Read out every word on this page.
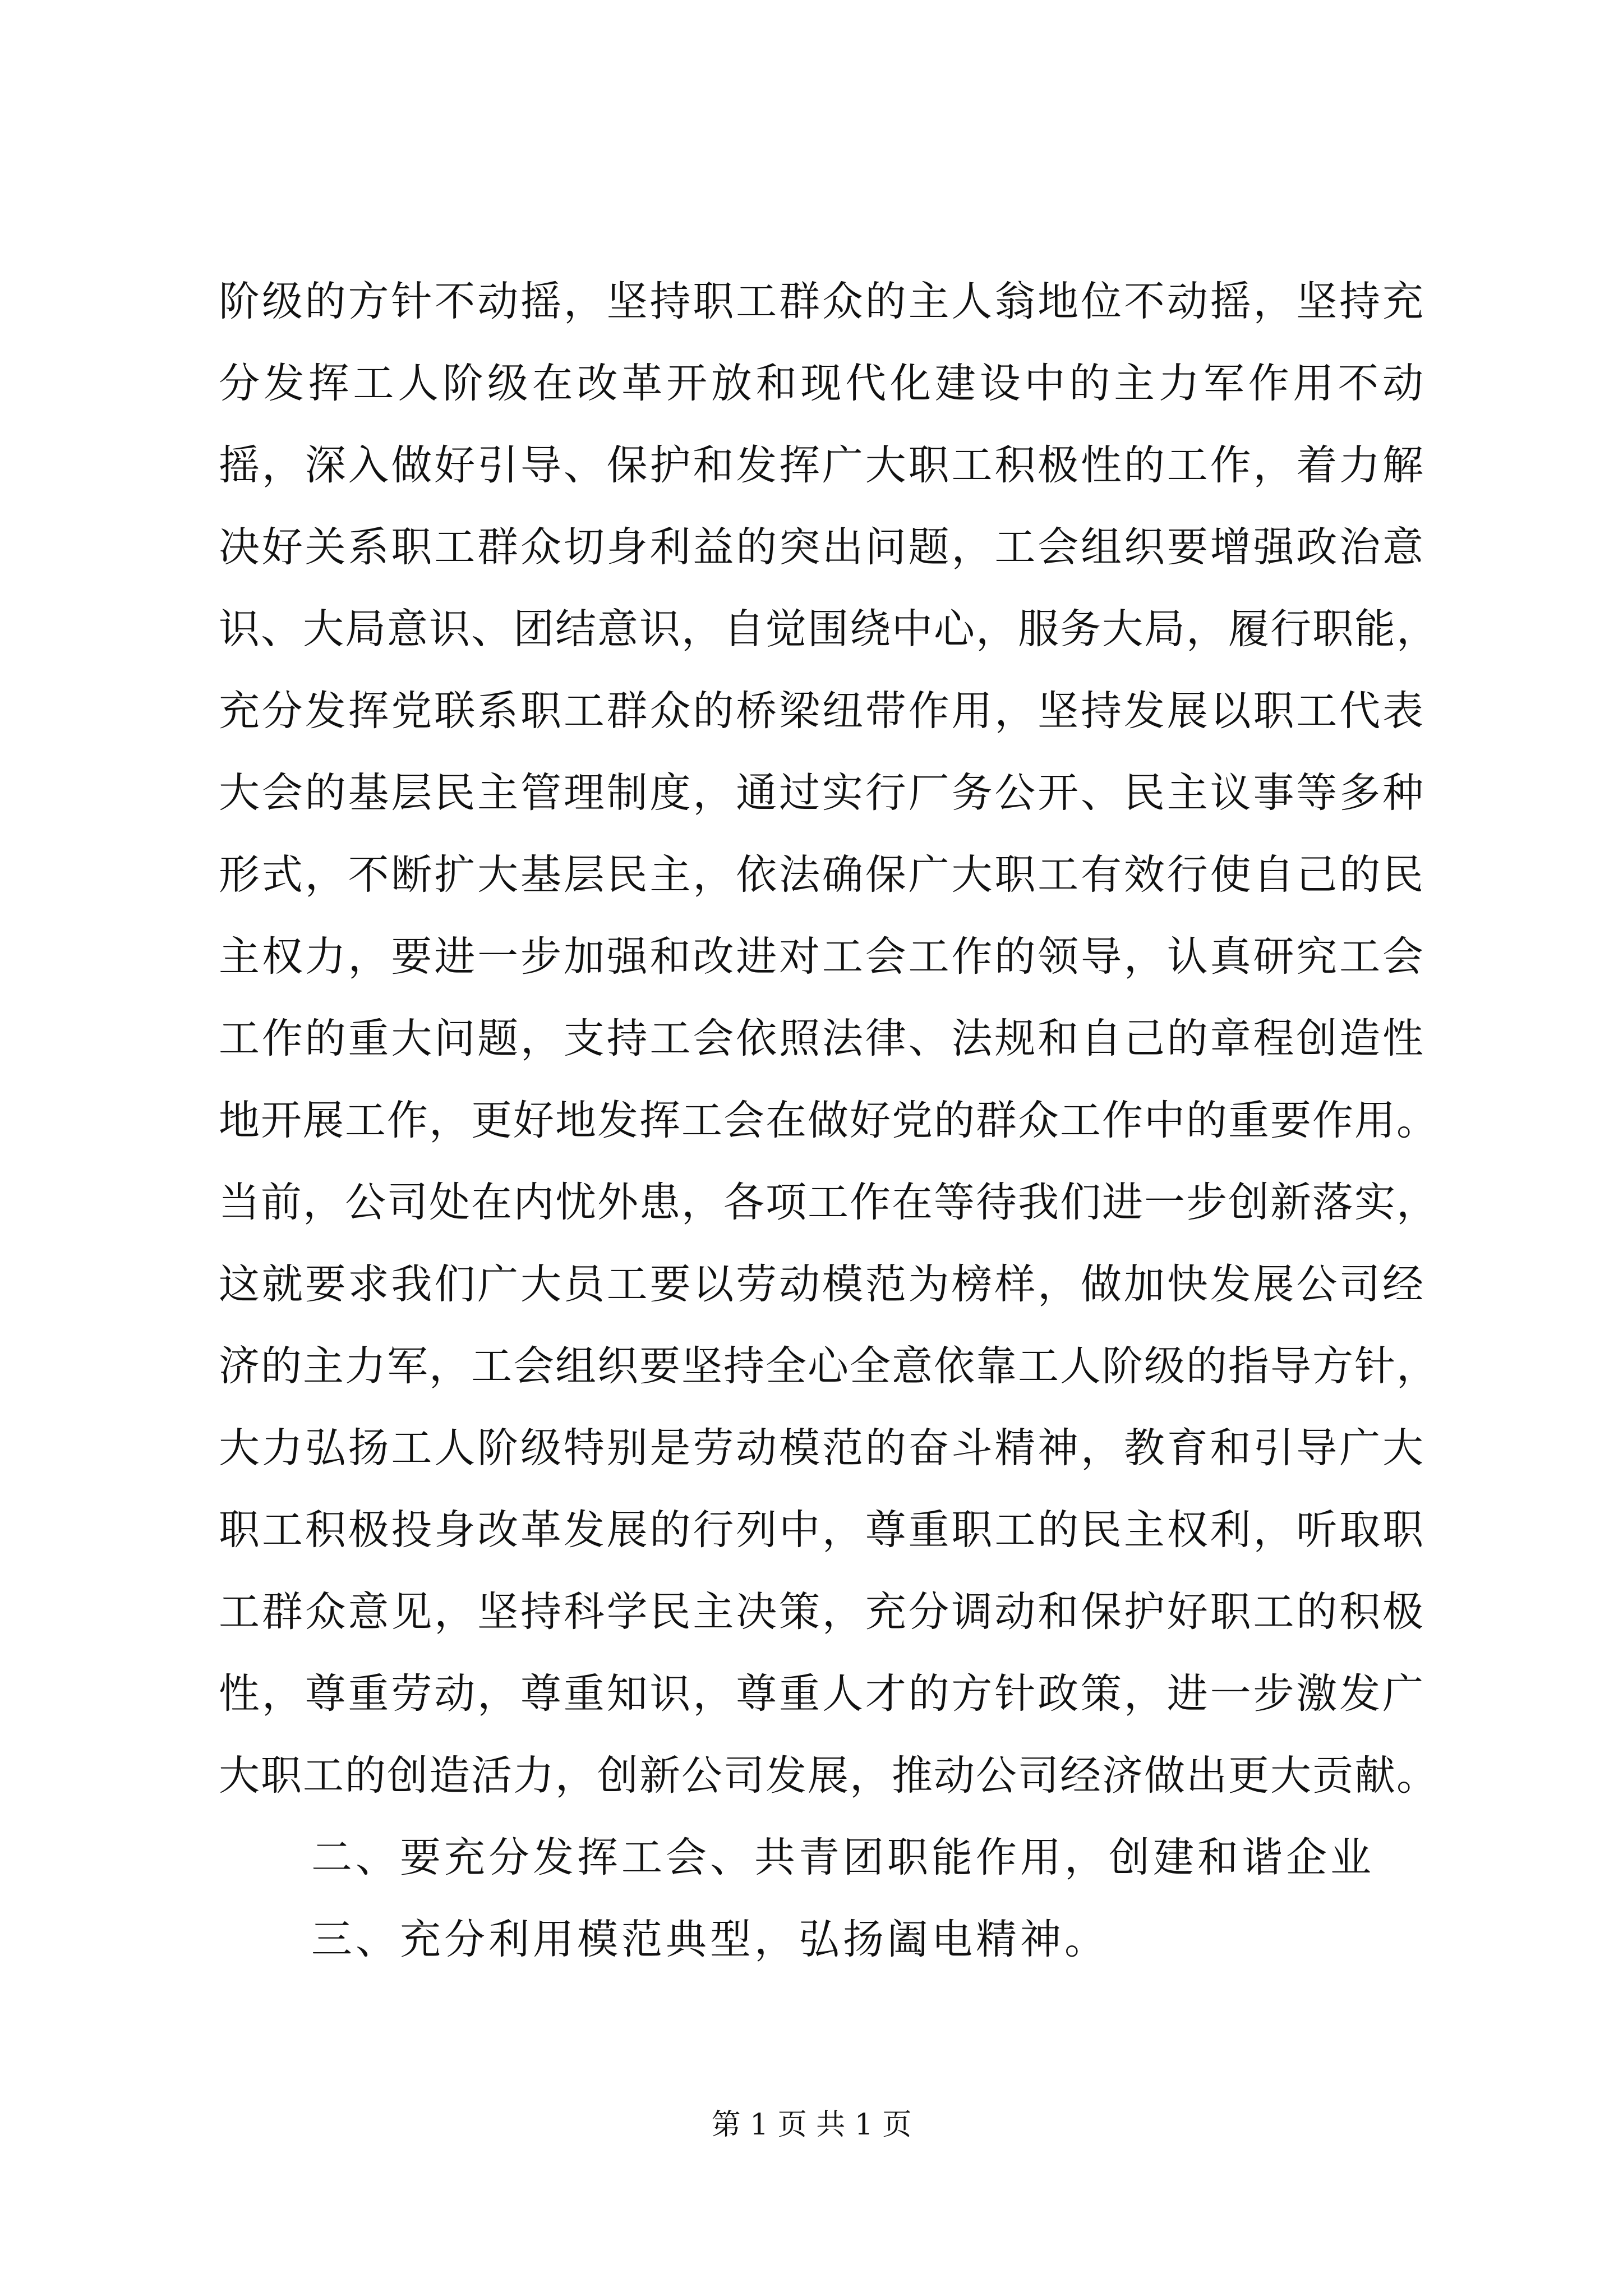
阶级的方针不动摇，坚持职工群众的主人翁地位不动摇，坚持充
分发挥工人阶级在改革开放和现代化建设中的主力军作用不动
摇，深入做好引导、保护和发挥广大职工积极性的工作，着力解
决好关系职工群众切身利益的突出问题，工会组织要增强政治意
识、大局意识、团结意识，自觉围绕中心，服务大局，履行职能，
充分发挥党联系职工群众的桥梁纽带作用，坚持发展以职工代表
大会的基层民主管理制度，通过实行厂务公开、民主议事等多种
形式，不断扩大基层民主，依法确保广大职工有效行使自己的民
主权力，要进一步加强和改进对工会工作的领导，认真研究工会
工作的重大问题，支持工会依照法律、法规和自己的章程创造性
地开展工作，更好地发挥工会在做好党的群众工作中的重要作用。
当前，公司处在内忧外患，各项工作在等待我们进一步创新落实，
这就要求我们广大员工要以劳动模范为榜样，做加快发展公司经
济的主力军，工会组织要坚持全心全意依靠工人阶级的指导方针，
大力弘扬工人阶级特别是劳动模范的奋斗精神，教育和引导广大
职工积极投身改革发展的行列中，尊重职工的民主权利，听取职
工群众意见，坚持科学民主决策，充分调动和保护好职工的积极
性，尊重劳动，尊重知识，尊重人才的方针政策，进一步激发广
大职工的创造活力，创新公司发展，推动公司经济做出更大贡献。
二、要充分发挥工会、共青团职能作用，创建和谐企业
三、充分利用模范典型，弘扬阖电精神。
第 1 页 共 1 页
